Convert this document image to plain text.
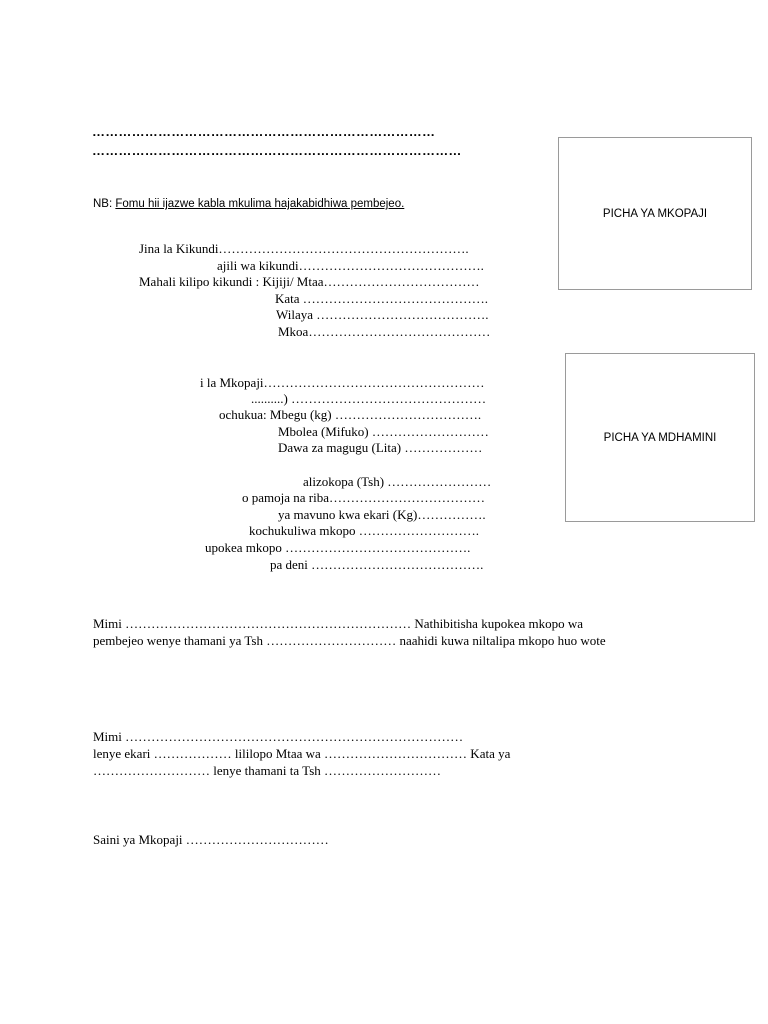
……………………………………………………………………
…………………………………………………………………………
NB: Fomu hii ijazwe kabla mkulima hajakabidhiwa pembejeo.
PICHA YA MKOPAJI
PICHA YA MDHAMINI
Jina la Kikundi………………………………………………….
ajili wa kikundi…………………………………….
Mahali kilipo kikundi : Kijiji/ Mtaa………………………………
Kata …………………………………….
Wilaya ………………………………….
Mkoa……………………………………
i la Mkopaji……………………………………………
..........) ………………………………………
ochukua: Mbegu (kg) …………………………….
Mbolea (Mifuko) ………………………
Dawa za magugu (Lita) ………………
alizokopa (Tsh) ……………………
o pamoja na riba………………………………
ya mavuno kwa ekari (Kg)…………….
kochukuliwa mkopo ……………………….
upokea mkopo …………………………………….
pa deni ………………………………….
Mimi ………………………………………………………… Nathibitisha kupokea mkopo wa
pembejeo wenye thamani ya Tsh ………………………… naahidi kuwa niltalipa mkopo huo wote
Mimi ……………………………………………………………………
lenye ekari ……………… lililopo Mtaa wa …………………………… Kata ya
……………………… lenye thamani ta Tsh ………………………
Saini ya Mkopaji ……………………………
